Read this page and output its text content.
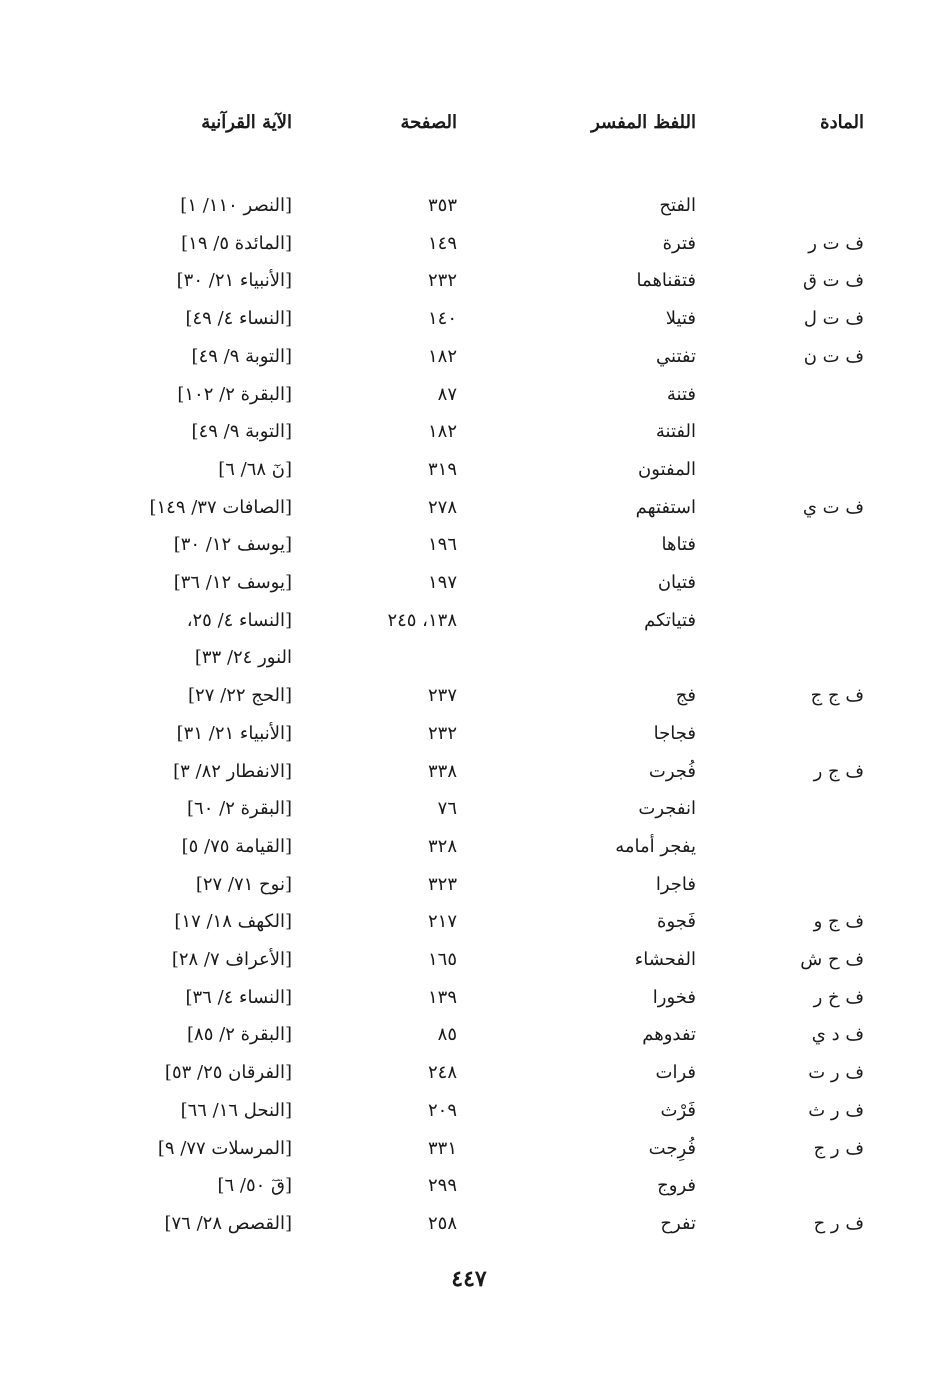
المادة
اللفظ المفسر
الصفحة
الآية القرآنية
الفتح
٣٥٣
[النصر ١١٠/ ١]
ف ت ر
فترة
١٤٩
[المائدة ٥/ ١٩]
ف ت ق
فتقناهما
٢٣٢
[الأنبياء ٢١/ ٣٠]
ف ت ل
فتيلا
١٤٠
[النساء ٤/ ٤٩]
ف ت ن
تفتني
١٨٢
[التوبة ٩/ ٤٩]
فتنة
٨٧
[البقرة ٢/ ١٠٢]
الفتنة
١٨٢
[التوبة ٩/ ٤٩]
المفتون
٣١٩
[نٓ ٦٨/ ٦]
ف ت ي
استفتهم
٢٧٨
[الصافات ٣٧/ ١٤٩]
فتاها
١٩٦
[يوسف ١٢/ ٣٠]
فتيان
١٩٧
[يوسف ١٢/ ٣٦]
فتياتكم
١٣٨، ٢٤٥
[النساء ٤/ ٢٥،
النور ٢٤/ ٣٣]
ف ج ج
فج
٢٣٧
[الحج ٢٢/ ٢٧]
فجاجا
٢٣٢
[الأنبياء ٢١/ ٣١]
ف ج ر
فُجرت
٣٣٨
[الانفطار ٨٢/ ٣]
انفجرت
٧٦
[البقرة ٢/ ٦٠]
يفجر أمامه
٣٢٨
[القيامة ٧٥/ ٥]
فاجرا
٣٢٣
[نوح ٧١/ ٢٧]
ف ج و
فَجوة
٢١٧
[الكهف ١٨/ ١٧]
ف ح ش
الفحشاء
١٦٥
[الأعراف ٧/ ٢٨]
ف خ ر
فخورا
١٣٩
[النساء ٤/ ٣٦]
ف د ي
تفدوهم
٨٥
[البقرة ٢/ ٨٥]
ف ر ت
فرات
٢٤٨
[الفرقان ٢٥/ ٥٣]
ف ر ث
فَرْث
٢٠٩
[النحل ١٦/ ٦٦]
ف ر ج
فُرِجت
٣٣١
[المرسلات ٧٧/ ٩]
فروج
٢٩٩
[قٓ ٥٠/ ٦]
ف ر ح
تفرح
٢٥٨
[القصص ٢٨/ ٧٦]
٤٤٧
